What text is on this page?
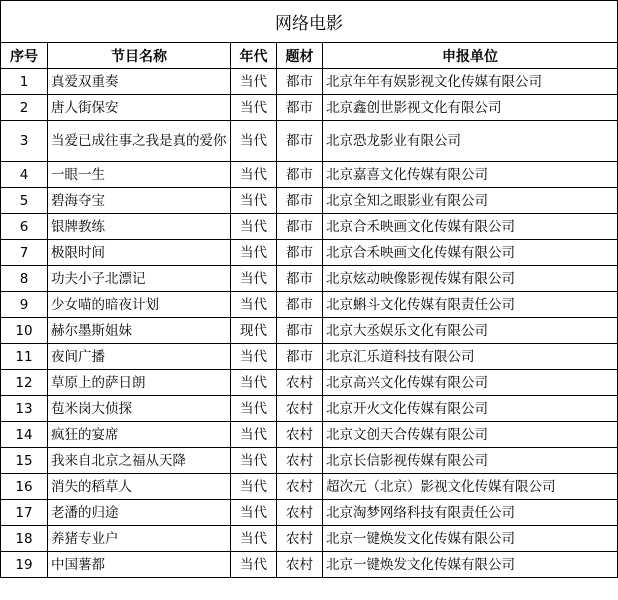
网络电影				
序号	节目名称	年代	题材	申报单位
1	真爱双重奏	当代	都市	北京年年有娱影视文化传媒有限公司
2	唐人街保安	当代	都市	北京鑫创世影视文化有限公司
3	当爱已成往事之我是真的爱你	当代	都市	北京恐龙影业有限公司
4	一眼一生	当代	都市	北京嘉喜文化传媒有限公司
5	碧海夺宝	当代	都市	北京全知之眼影业有限公司
6	银牌教练	当代	都市	北京合禾映画文化传媒有限公司
7	极限时间	当代	都市	北京合禾映画文化传媒有限公司
8	功夫小子北漂记	当代	都市	北京炫动映像影视传媒有限公司
9	少女喵的暗夜计划	当代	都市	北京蝌斗文化传媒有限责任公司
10	赫尔墨斯姐妹	现代	都市	北京大丞娱乐文化有限公司
11	夜间广播	当代	都市	北京汇乐道科技有限公司
12	草原上的萨日朗	当代	农村	北京高兴文化传媒有限公司
13	苞米岗大侦探	当代	农村	北京开火文化传媒有限公司
14	疯狂的宴席	当代	农村	北京文创天合传媒有限公司
15	我来自北京之福从天降	当代	农村	北京长信影视传媒有限公司
16	消失的稻草人	当代	农村	超次元（北京）影视文化传媒有限公司
17	老潘的归途	当代	农村	北京淘梦网络科技有限责任公司
18	养猪专业户	当代	农村	北京一键焕发文化传媒有限公司
19	中国薯都	当代	农村	北京一键焕发文化传媒有限公司
